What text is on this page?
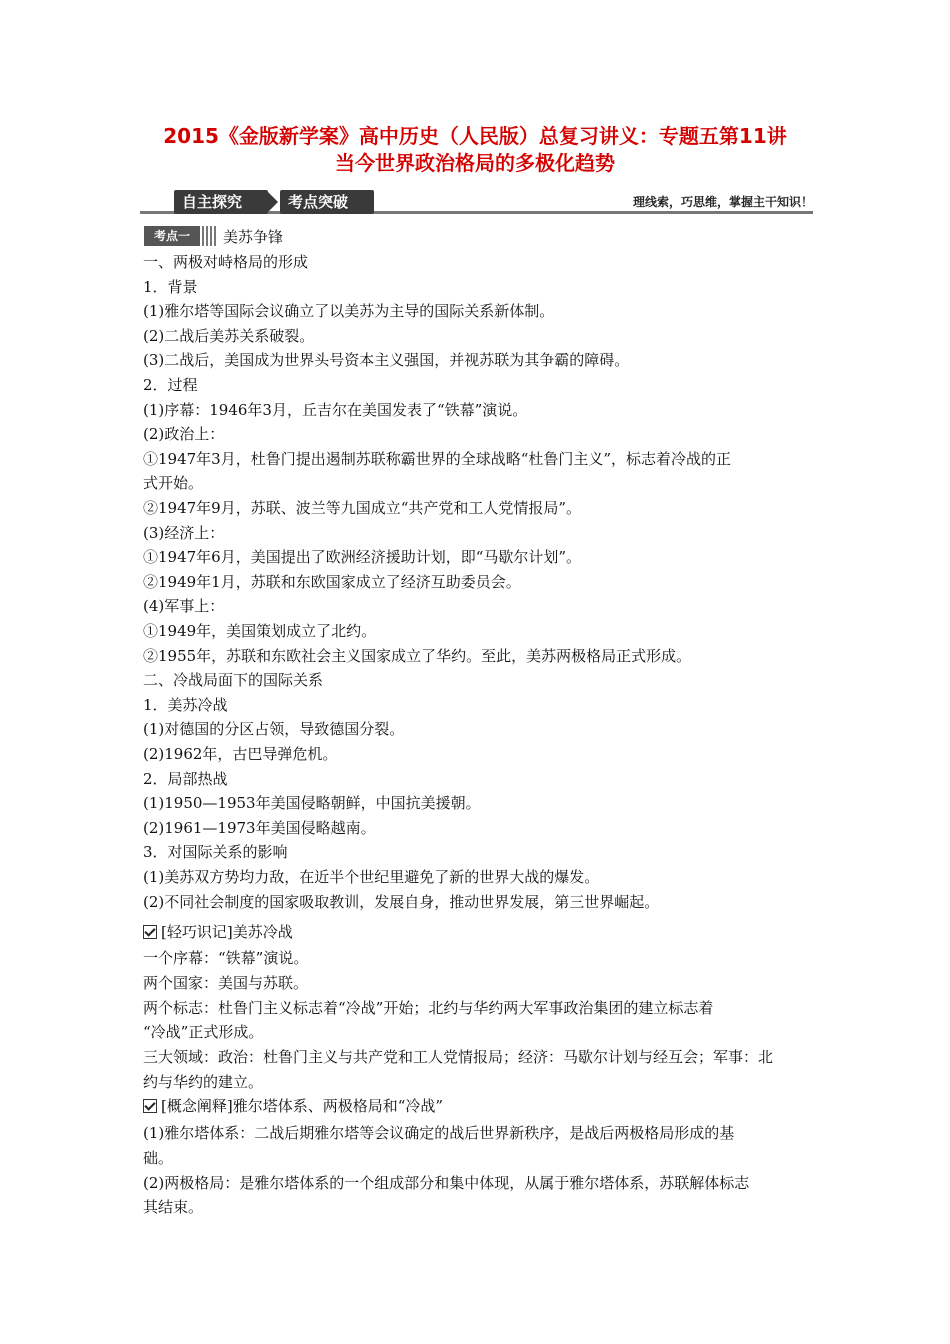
2015《金版新学案》高中历史（人民版）总复习讲义：专题五第11讲
当今世界政治格局的多极化趋势
自主探究	考点突破	理线索，巧思维，掌握主干知识！
考点一	美苏争锋
一、两极对峙格局的形成
1．背景
(1)雅尔塔等国际会议确立了以美苏为主导的国际关系新体制。
(2)二战后美苏关系破裂。
(3)二战后，美国成为世界头号资本主义强国，并视苏联为其争霸的障碍。
2．过程
(1)序幕：1946年3月，丘吉尔在美国发表了“铁幕”演说。
(2)政治上：
①1947年3月，杜鲁门提出遏制苏联称霸世界的全球战略“杜鲁门主义”，标志着冷战的正
式开始。
②1947年9月，苏联、波兰等九国成立“共产党和工人党情报局”。
(3)经济上：
①1947年6月，美国提出了欧洲经济援助计划，即“马歇尔计划”。
②1949年1月，苏联和东欧国家成立了经济互助委员会。
(4)军事上：
①1949年，美国策划成立了北约。
②1955年，苏联和东欧社会主义国家成立了华约。至此，美苏两极格局正式形成。
二、冷战局面下的国际关系
1．美苏冷战
(1)对德国的分区占领，导致德国分裂。
(2)1962年，古巴导弹危机。
2．局部热战
(1)1950—1953年美国侵略朝鲜，中国抗美援朝。
(2)1961—1973年美国侵略越南。
3．对国际关系的影响
(1)美苏双方势均力敌，在近半个世纪里避免了新的世界大战的爆发。
(2)不同社会制度的国家吸取教训，发展自身，推动世界发展，第三世界崛起。
[轻巧识记]美苏冷战
一个序幕：“铁幕”演说。
两个国家：美国与苏联。
两个标志：杜鲁门主义标志着“冷战”开始；北约与华约两大军事政治集团的建立标志着
“冷战”正式形成。
三大领域：政治：杜鲁门主义与共产党和工人党情报局；经济：马歇尔计划与经互会；军事：北
约与华约的建立。
[概念阐释]雅尔塔体系、两极格局和“冷战”
(1)雅尔塔体系：二战后期雅尔塔等会议确定的战后世界新秩序，是战后两极格局形成的基
础。
(2)两极格局：是雅尔塔体系的一个组成部分和集中体现，从属于雅尔塔体系，苏联解体标志
其结束。
